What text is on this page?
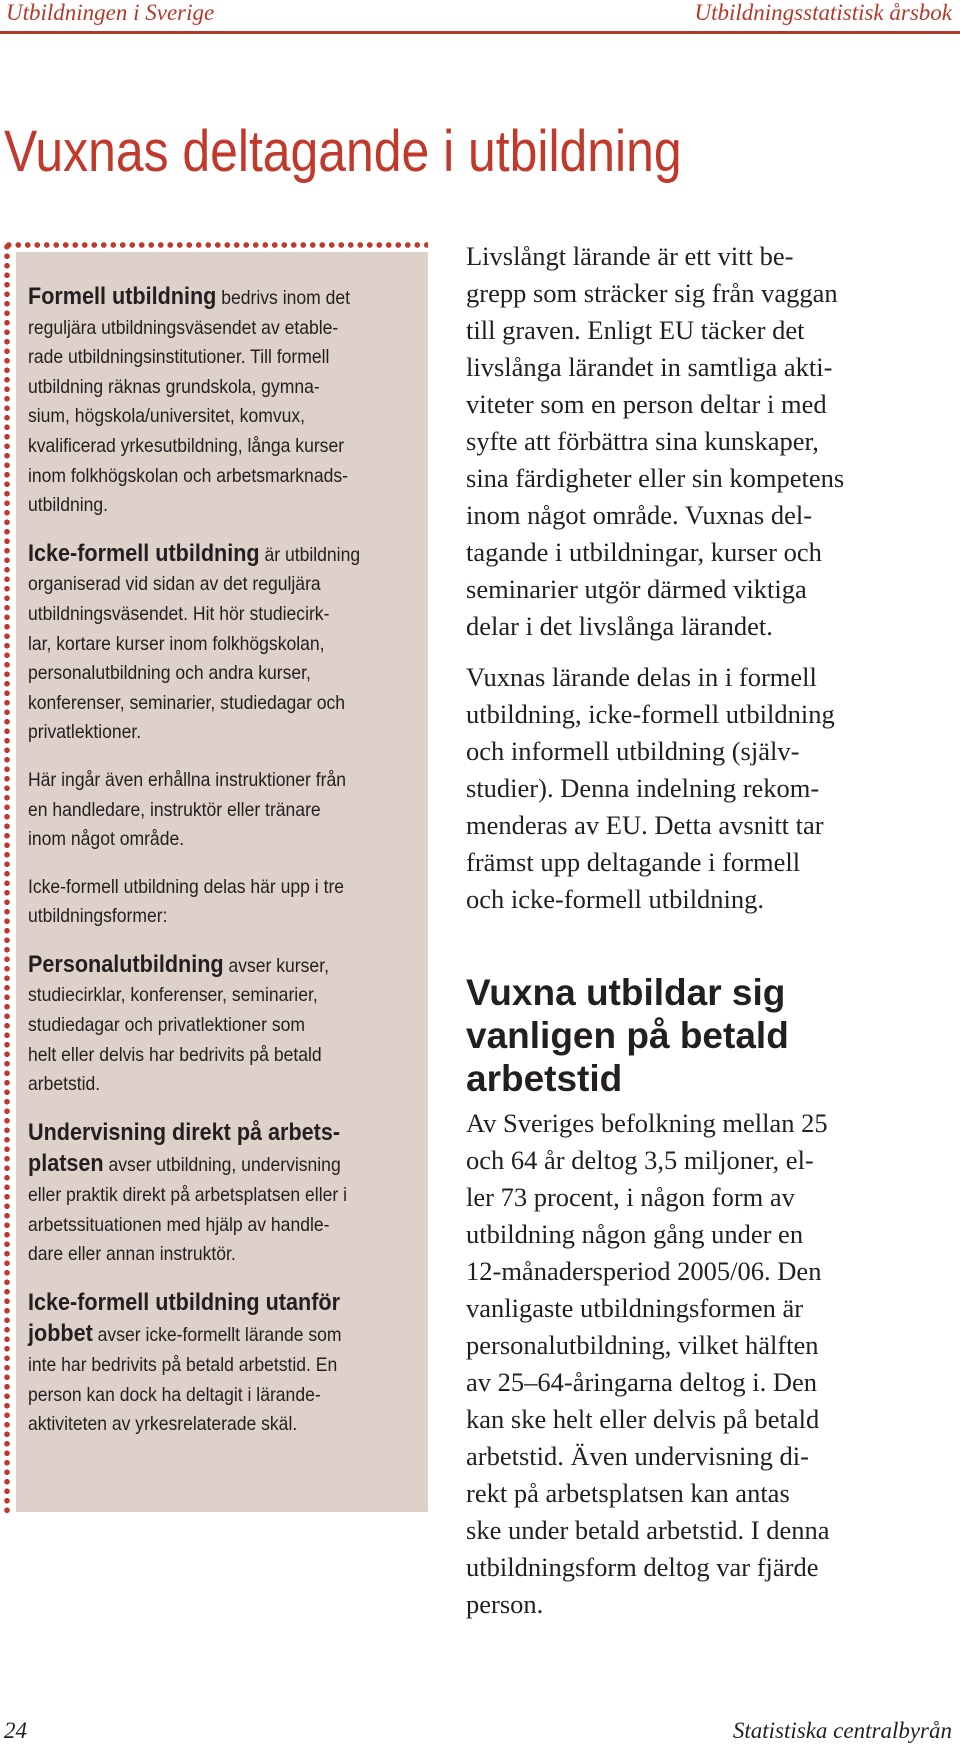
Utbildningen i Sverige	Utbildningsstatistisk årsbok
Vuxnas deltagande i utbildning

Formell utbildning bedrivs inom det
reguljära utbildningsväsendet av etable-
rade utbildningsinstitutioner. Till formell
utbildning räknas grundskola, gymna-
sium, högskola/universitet, komvux,
kvalificerad yrkesutbildning, långa kurser
inom folkhögskolan och arbetsmarknads-
utbildning.

Icke-formell utbildning är utbildning
organiserad vid sidan av det reguljära
utbildningsväsendet. Hit hör studiecirk-
lar, kortare kurser inom folkhögskolan,
personalutbildning och andra kurser,
konferenser, seminarier, studiedagar och
privatlektioner.

Här ingår även erhållna instruktioner från
en handledare, instruktör eller tränare
inom något område.

Icke-formell utbildning delas här upp i tre
utbildningsformer:

Personalutbildning avser kurser,
studiecirklar, konferenser, seminarier,
studiedagar och privatlektioner som
helt eller delvis har bedrivits på betald
arbetstid.

Undervisning direkt på arbets-
platsen avser utbildning, undervisning
eller praktik direkt på arbetsplatsen eller i
arbetssituationen med hjälp av handle-
dare eller annan instruktör.

Icke-formell utbildning utanför
jobbet avser icke-formellt lärande som
inte har bedrivits på betald arbetstid. En
person kan dock ha deltagit i lärande-
aktiviteten av yrkesrelaterade skäl.

Livslångt lärande är ett vitt be-
grepp som sträcker sig från vaggan
till graven. Enligt EU täcker det
livslånga lärandet in samtliga akti-
viteter som en person deltar i med
syfte att förbättra sina kunskaper,
sina färdigheter eller sin kompetens
inom något område. Vuxnas del-
tagande i utbildningar, kurser och
seminarier utgör därmed viktiga
delar i det livslånga lärandet.

Vuxnas lärande delas in i formell
utbildning, icke-formell utbildning
och informell utbildning (själv-
studier). Denna indelning rekom-
menderas av EU. Detta avsnitt tar
främst upp deltagande i formell
och icke-formell utbildning.

Vuxna utbildar sig
vanligen på betald
arbetstid

Av Sveriges befolkning mellan 25
och 64 år deltog 3,5 miljoner, el-
ler 73 procent, i någon form av
utbildning någon gång under en
12-månadersperiod 2005/06. Den
vanligaste utbildningsformen är
personalutbildning, vilket hälften
av 25–64-åringarna deltog i. Den
kan ske helt eller delvis på betald
arbetstid. Även undervisning di-
rekt på arbetsplatsen kan antas
ske under betald arbetstid. I denna
utbildningsform deltog var fjärde
person.

24	Statistiska centralbyrån
